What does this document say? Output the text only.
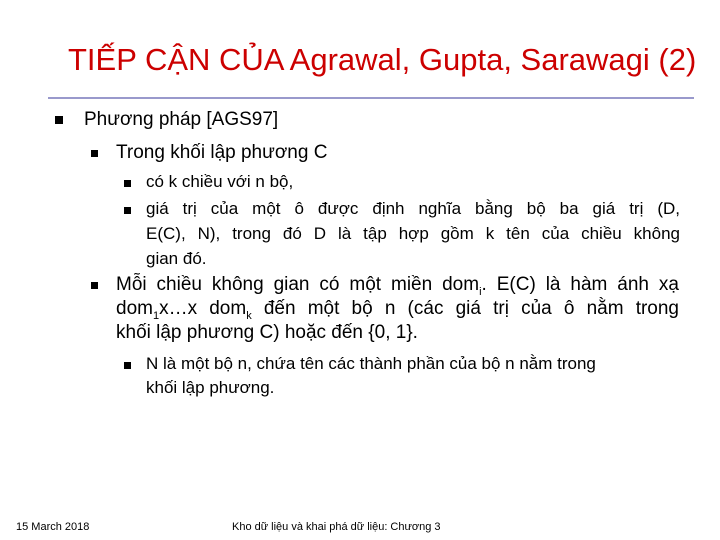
TIẾP CẬN CỦA Agrawal, Gupta, Sarawagi (2)
Phương pháp [AGS97]
Trong khối lập phương C
có k chiều với n bộ,
giá trị của một ô được định nghĩa bằng bộ ba giá trị (D,
E(C), N), trong đó D là tập hợp gồm k tên của chiều không
gian đó.
Mỗi chiều không gian có một miền dom$_i$. E(C) là hàm ánh xạ
dom$_1$x…x dom$_k$ đến một bộ n (các giá trị của ô nằm trong
khối lập phương C) hoặc đến {0, 1}.
N là một bộ n, chứa tên các thành phần của bộ n nằm trong
khối lập phương.
15 March 2018	Kho dữ liệu và khai phá dữ liệu: Chương 3
